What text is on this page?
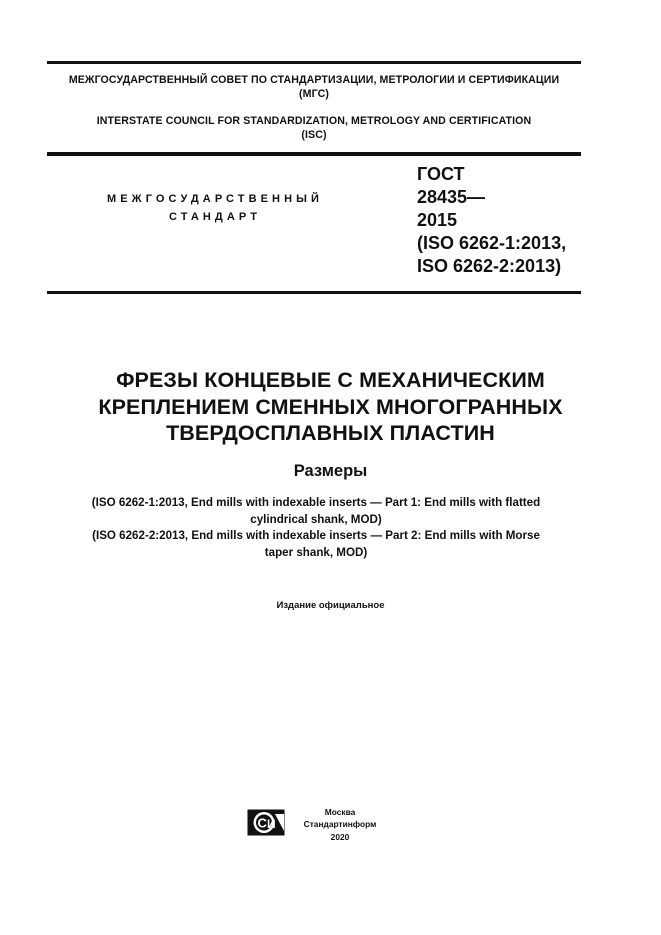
МЕЖГОСУДАРСТВЕННЫЙ СОВЕТ ПО СТАНДАРТИЗАЦИИ, МЕТРОЛОГИИ И СЕРТИФИКАЦИИ
(МГС)
INTERSTATE COUNCIL FOR STANDARDIZATION, METROLOGY AND CERTIFICATION
(ISC)
МЕЖГОСУДАРСТВЕННЫЙ
СТАНДАРТ
ГОСТ
28435—
2015
(ISO 6262-1:2013,
ISO 6262-2:2013)
ФРЕЗЫ КОНЦЕВЫЕ С МЕХАНИЧЕСКИМ
КРЕПЛЕНИЕМ СМЕННЫХ МНОГОГРАННЫХ
ТВЕРДОСПЛАВНЫХ ПЛАСТИН
Размеры
(ISO 6262-1:2013, End mills with indexable inserts — Part 1: End mills with flatted
cylindrical shank, MOD)
(ISO 6262-2:2013, End mills with indexable inserts — Part 2: End mills with Morse
taper shank, MOD)
Издание официальное
C И
Москва
Стандартинформ
2020
